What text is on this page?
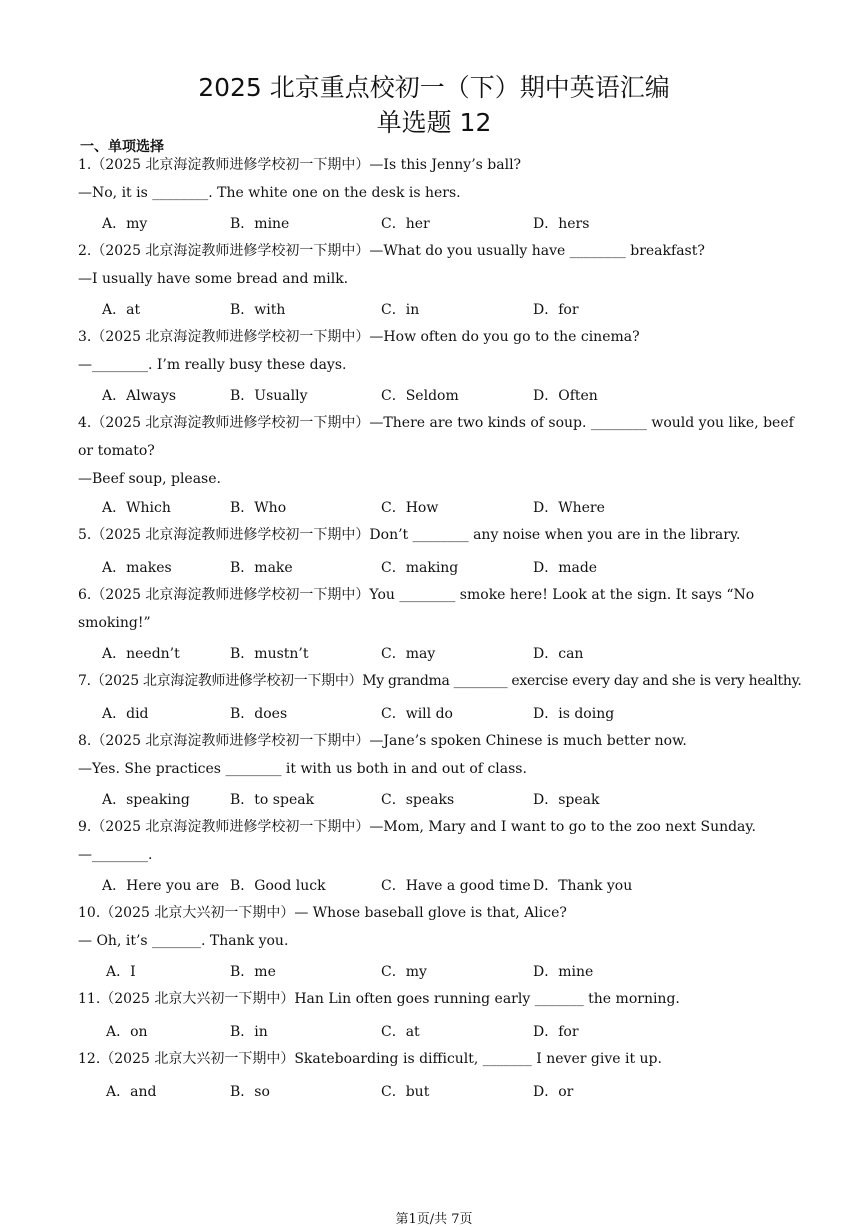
2025 北京重点校初一（下）期中英语汇编
单选题 12
一、单项选择
1.（2025 北京海淀教师进修学校初一下期中）—Is this Jenny’s ball?
—No, it is ________. The white one on the desk is hers.
A．my	B．mine	C．her	D．hers
2.（2025 北京海淀教师进修学校初一下期中）—What do you usually have ________ breakfast?
—I usually have some bread and milk.
A．at	B．with	C．in	D．for
3.（2025 北京海淀教师进修学校初一下期中）—How often do you go to the cinema?
—________. I’m really busy these days.
A．Always	B．Usually	C．Seldom	D．Often
4.（2025 北京海淀教师进修学校初一下期中）—There are two kinds of soup. ________ would you like, beef or tomato?
—Beef soup, please.
A．Which	B．Who	C．How	D．Where
5.（2025 北京海淀教师进修学校初一下期中）Don’t ________ any noise when you are in the library.
A．makes	B．make	C．making	D．made
6.（2025 北京海淀教师进修学校初一下期中）You ________ smoke here! Look at the sign. It says “No smoking!”
A．needn’t	B．mustn’t	C．may	D．can
7.（2025 北京海淀教师进修学校初一下期中）My grandma ________ exercise every day and she is very healthy.
A．did	B．does	C．will do	D．is doing
8.（2025 北京海淀教师进修学校初一下期中）—Jane’s spoken Chinese is much better now.
—Yes. She practices ________ it with us both in and out of class.
A．speaking	B．to speak	C．speaks	D．speak
9.（2025 北京海淀教师进修学校初一下期中）—Mom, Mary and I want to go to the zoo next Sunday.
—________.
A．Here you are B．Good luck	C．Have a good time D．Thank you
10.（2025 北京大兴初一下期中）— Whose baseball glove is that, Alice?
— Oh, it’s _______. Thank you.
A．I	B．me	C．my	D．mine
11.（2025 北京大兴初一下期中）Han Lin often goes running early _______ the morning.
A．on	B．in	C．at	D．for
12.（2025 北京大兴初一下期中）Skateboarding is difficult, _______ I never give it up.
A．and	B．so	C．but	D．or
第1页/共 7页
